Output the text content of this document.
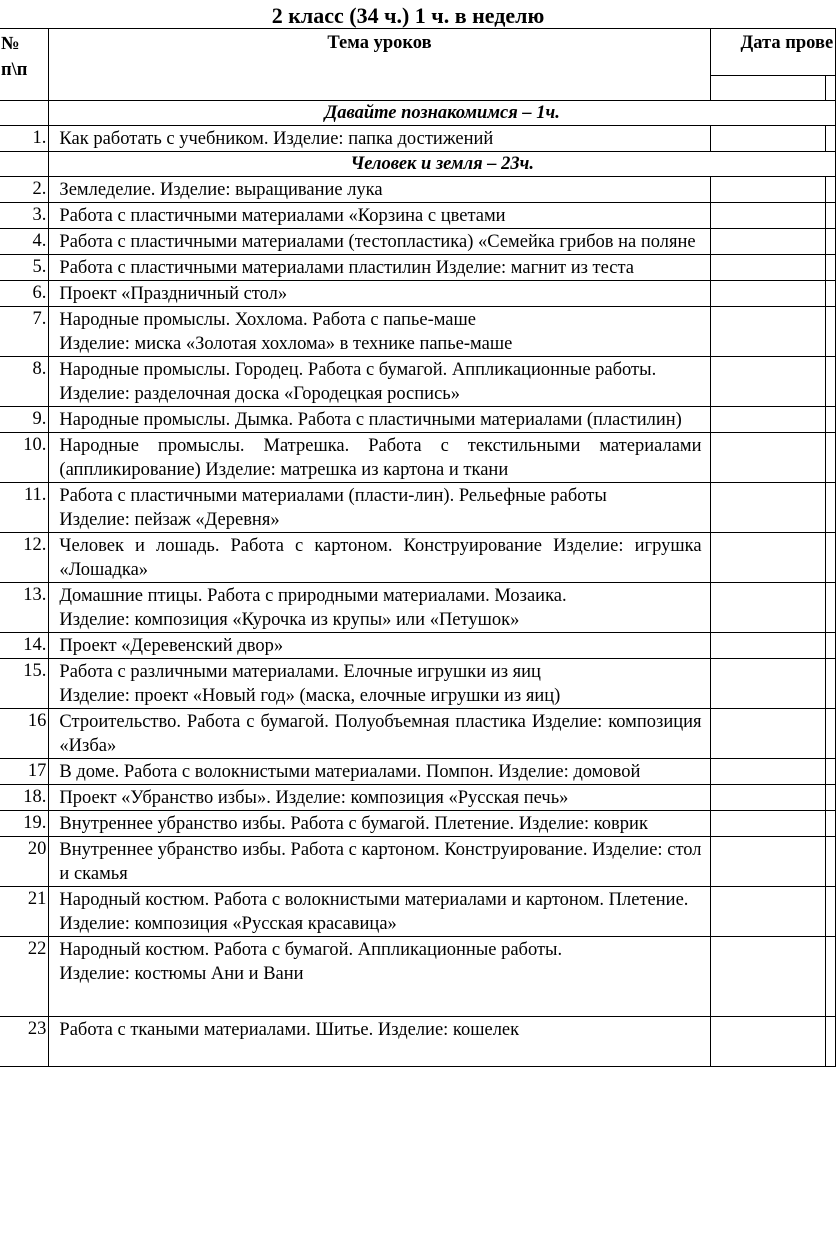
2 класс (34 ч.) 1 ч. в неделю
№ п\п	Тема уроков	Дата прове	

	Давайте познакомимся – 1ч.		
1.	Как работать с учебником. Изделие: папка достижений		

	Человек и земля – 23ч.		
2.	Земледелие. Изделие: выращивание лука		

3.	Работа с пластичными материалами «Корзина с цветами		

4.	Работа с пластичными материалами (тестопластика) «Семейка грибов на поляне		

5.	Работа с пластичными материалами пластилин Изделие: магнит из теста		

6.	Проект «Праздничный стол»		

7.	Народные промыслы. Хохлома. Работа с папье-маше
Изделие: миска «Золотая хохлома» в технике папье-маше		

8.	Народные промыслы. Городец. Работа с бумагой. Аппликационные работы.
Изделие: разделочная доска «Городецкая роспись»		

9.	Народные промыслы. Дымка. Работа с пластичными материалами (пластилин)		

10.	Народные промыслы. Матрешка. Работа с текстильными материалами (аппликирование) Изделие: матрешка из картона и ткани		

11.	Работа с пластичными материалами (пласти-лин). Рельефные работы
Изделие: пейзаж «Деревня»		

12.	Человек и лошадь. Работа с картоном. Конструирование Изделие: игрушка «Лошадка»		

13.	Домашние птицы. Работа с природными материалами. Мозаика.
Изделие: композиция «Курочка из крупы» или «Петушок»		

14.	Проект «Деревенский двор»		

15.	Работа с различными материалами. Елочные игрушки из яиц
Изделие: проект «Новый год» (маска, елочные игрушки из яиц)		

16	Строительство. Работа с бумагой. Полуобъемная пластика Изделие: композиция «Изба»		

17	В доме. Работа с волокнистыми материалами. Помпон. Изделие: домовой		

18.	Проект «Убранство избы». Изделие: композиция «Русская печь»		

19.	Внутреннее убранство избы. Работа с бумагой. Плетение. Изделие: коврик		

20	Внутреннее убранство избы. Работа с картоном. Конструирование. Изделие: стол и скамья		

21	Народный костюм. Работа с волокнистыми материалами и картоном. Плетение.
Изделие: композиция «Русская красавица»		

22	Народный костюм. Работа с бумагой. Аппликационные работы.
Изделие: костюмы Ани и Вани		

23	Работа с ткаными материалами. Шитье. Изделие: кошелек		
